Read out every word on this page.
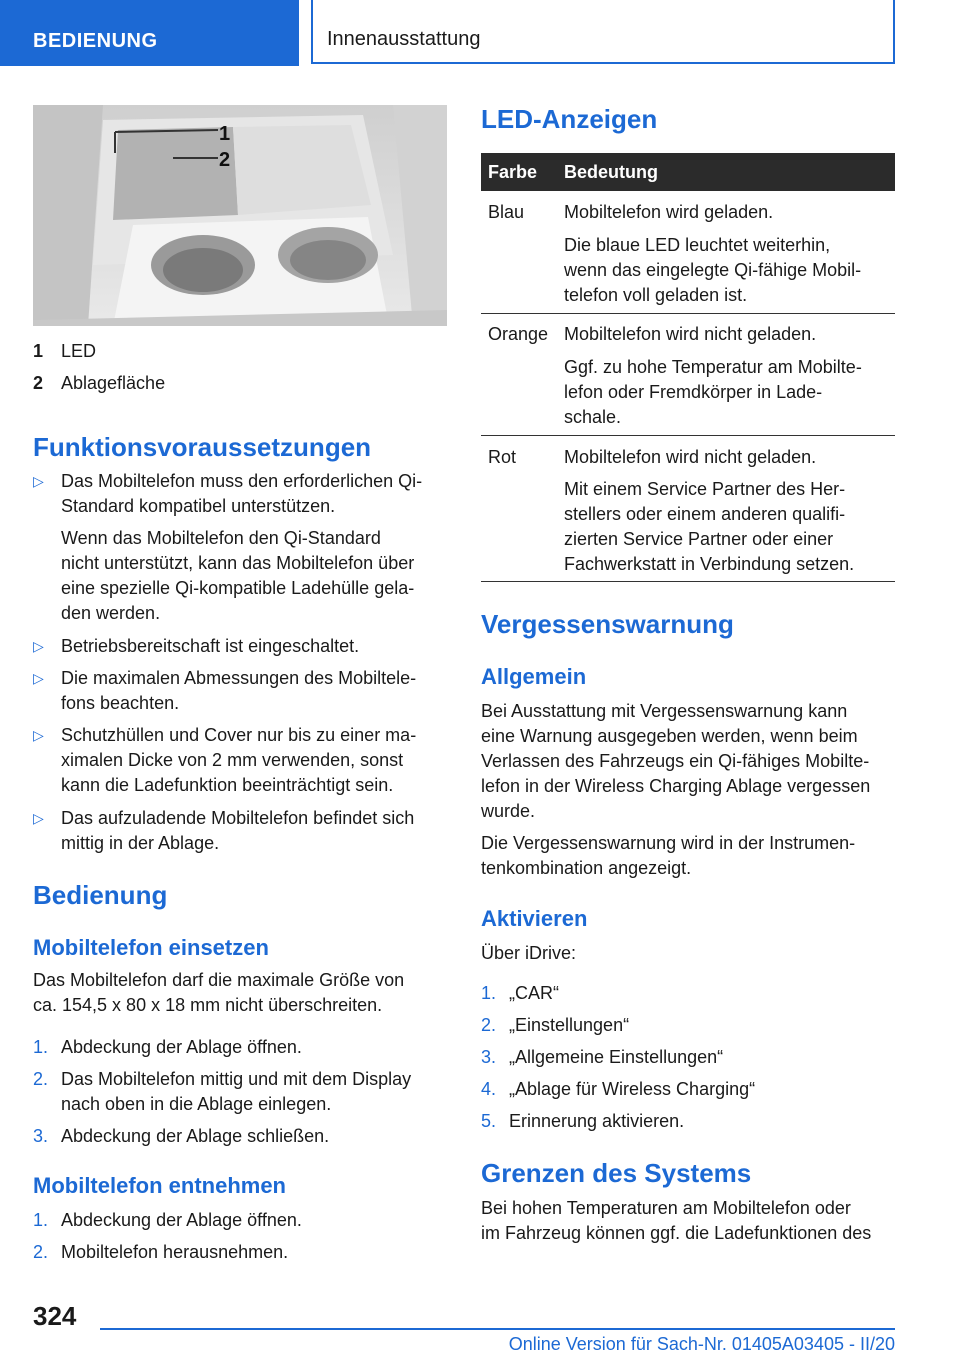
BEDIENUNG	Innenausstattung
1
2
1 LED
2 Ablagefläche
Funktionsvoraussetzungen
▷ Das Mobiltelefon muss den erforderlichen Qi-
Standard kompatibel unterstützen.
Wenn das Mobiltelefon den Qi-Standard
nicht unterstützt, kann das Mobiltelefon über
eine spezielle Qi-kompatible Ladehülle gela-
den werden.
▷ Betriebsbereitschaft ist eingeschaltet.
▷ Die maximalen Abmessungen des Mobiltele-
fons beachten.
▷ Schutzhüllen und Cover nur bis zu einer ma-
ximalen Dicke von 2 mm verwenden, sonst
kann die Ladefunktion beeinträchtigt sein.
▷ Das aufzuladende Mobiltelefon befindet sich
mittig in der Ablage.
Bedienung
Mobiltelefon einsetzen
Das Mobiltelefon darf die maximale Größe von
ca. 154,5 x 80 x 18 mm nicht überschreiten.
1. Abdeckung der Ablage öffnen.
2. Das Mobiltelefon mittig und mit dem Display
nach oben in die Ablage einlegen.
3. Abdeckung der Ablage schließen.
Mobiltelefon entnehmen
1. Abdeckung der Ablage öffnen.
2. Mobiltelefon herausnehmen.
LED-Anzeigen
Farbe Bedeutung
Blau Mobiltelefon wird geladen.
Die blaue LED leuchtet weiterhin,
wenn das eingelegte Qi-fähige Mobil-
telefon voll geladen ist.
Orange Mobiltelefon wird nicht geladen.
Ggf. zu hohe Temperatur am Mobilte-
lefon oder Fremdkörper in Lade-
schale.
Rot	Mobiltelefon wird nicht geladen.
Mit einem Service Partner des Her-
stellers oder einem anderen qualifi-
zierten Service Partner oder einer
Fachwerkstatt in Verbindung setzen.
Vergessenswarnung
Allgemein
Bei Ausstattung mit Vergessenswarnung kann
eine Warnung ausgegeben werden, wenn beim
Verlassen des Fahrzeugs ein Qi-fähiges Mobilte-
lefon in der Wireless Charging Ablage vergessen
wurde.
Die Vergessenswarnung wird in der Instrumen-
tenkombination angezeigt.
Aktivieren
Über iDrive:
1. „CAR“
2. „Einstellungen“
3. „Allgemeine Einstellungen“
4. „Ablage für Wireless Charging“
5. Erinnerung aktivieren.
Grenzen des Systems
Bei hohen Temperaturen am Mobiltelefon oder
im Fahrzeug können ggf. die Ladefunktionen des
324
Online Version für Sach-Nr. 01405A03405 - II/20
